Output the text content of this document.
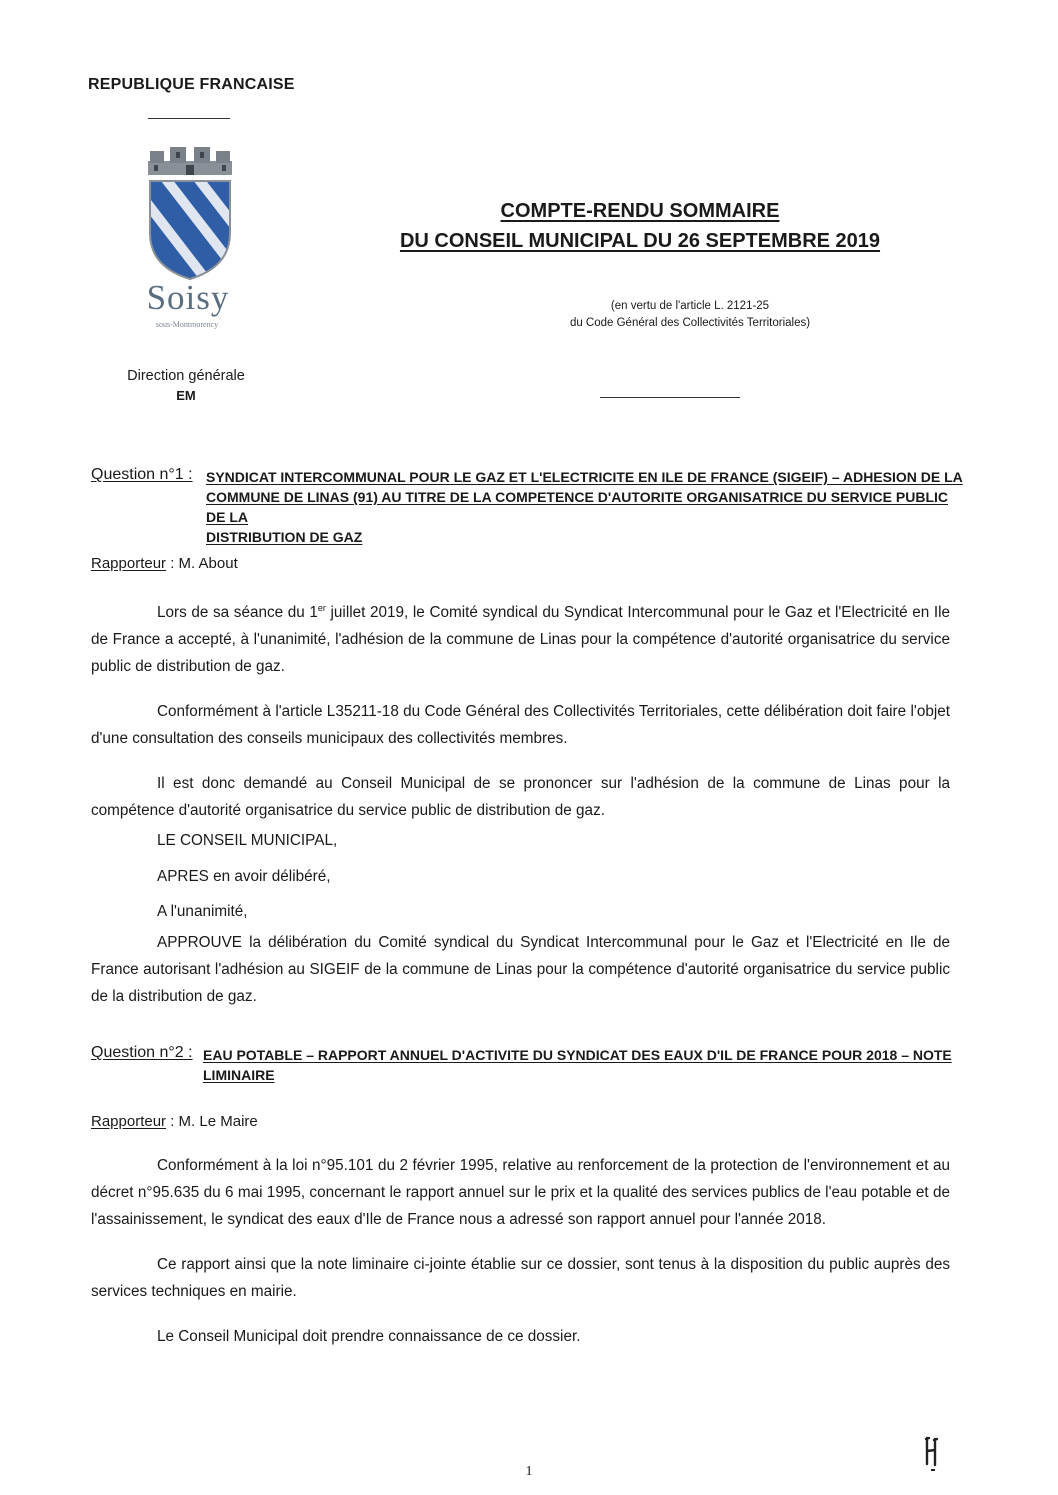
REPUBLIQUE FRANCAISE
Soisy
sous-Montmorency
Direction générale
EM
COMPTE-RENDU SOMMAIRE
DU CONSEIL MUNICIPAL DU 26 SEPTEMBRE 2019
(en vertu de l'article L. 2121-25
du Code Général des Collectivités Territoriales)
Question n°1 : SYNDICAT INTERCOMMUNAL POUR LE GAZ ET L'ELECTRICITE EN ILE DE FRANCE (SIGEIF) – ADHESION DE LA
COMMUNE DE LINAS (91) AU TITRE DE LA COMPETENCE D'AUTORITE ORGANISATRICE DU SERVICE PUBLIC DE LA
DISTRIBUTION DE GAZ
Rapporteur : M. About

Lors de sa séance du 1er juillet 2019, le Comité syndical du Syndicat Intercommunal pour le Gaz et l'Electricité en Ile de France a accepté, à l'unanimité, l'adhésion de la commune de Linas pour la compétence d'autorité organisatrice du service public de distribution de gaz.

Conformément à l'article L35211-18 du Code Général des Collectivités Territoriales, cette délibération doit faire l'objet d'une consultation des conseils municipaux des collectivités membres.

Il est donc demandé au Conseil Municipal de se prononcer sur l'adhésion de la commune de Linas pour la compétence d'autorité organisatrice du service public de distribution de gaz.

LE CONSEIL MUNICIPAL,
APRES en avoir délibéré,
A l'unanimité,

APPROUVE la délibération du Comité syndical du Syndicat Intercommunal pour le Gaz et l'Electricité en Ile de France autorisant l'adhésion au SIGEIF de la commune de Linas pour la compétence d'autorité organisatrice du service public de la distribution de gaz.

Question n°2 : EAU POTABLE – RAPPORT ANNUEL D'ACTIVITE DU SYNDICAT DES EAUX D'IL DE FRANCE POUR 2018 – NOTE
LIMINAIRE
Rapporteur : M. Le Maire

Conformément à la loi n°95.101 du 2 février 1995, relative au renforcement de la protection de l'environnement et au décret n°95.635 du 6 mai 1995, concernant le rapport annuel sur le prix et la qualité des services publics de l'eau potable et de l'assainissement, le syndicat des eaux d'Ile de France nous a adressé son rapport annuel pour l'année 2018.

Ce rapport ainsi que la note liminaire ci-jointe établie sur ce dossier, sont tenus à la disposition du public auprès des services techniques en mairie.

Le Conseil Municipal doit prendre connaissance de ce dossier.

1
